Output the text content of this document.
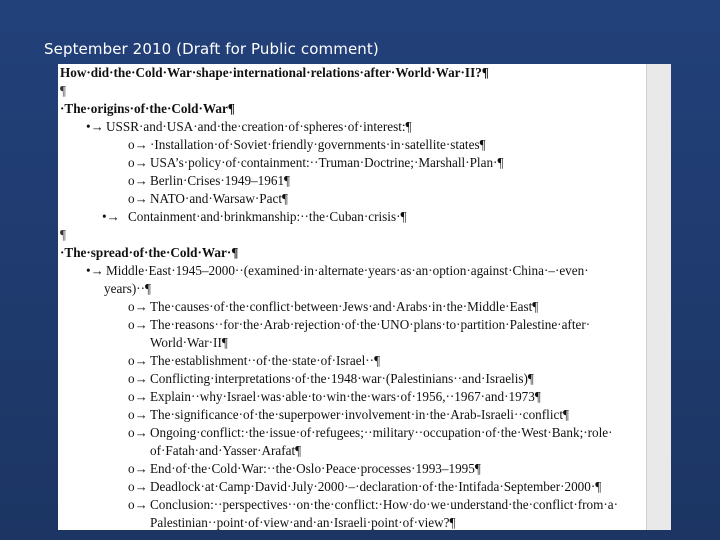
September 2010 (Draft for Public comment)
How·did·the·Cold·War·shape·international·relations·after·World·War·II?¶
¶
·The·origins·of·the·Cold·War¶
•→ USSR·and·USA·and·the·creation·of·spheres·of·interest:¶
o→ ·Installation·of·Soviet·friendly·governments·in·satellite·states¶
o→ USA’s·policy·of·containment:··Truman·Doctrine;·Marshall·Plan·¶
o→ Berlin·Crises·1949–1961¶
o→ NATO·and·Warsaw·Pact¶
•→ Containment·and·brinkmanship:··the·Cuban·crisis·¶
¶
·The·spread·of·the·Cold·War·¶
•→ Middle·East·1945–2000··(examined·in·alternate·years·as·an·option·against·China·–·even·
years)··¶
o→ The·causes·of·the·conflict·between·Jews·and·Arabs·in·the·Middle·East¶
o→ The·reasons··for·the·Arab·rejection·of·the·UNO·plans·to·partition·Palestine·after·
World·War·II¶
o→ The·establishment··of·the·state·of·Israel··¶
o→ Conflicting·interpretations·of·the·1948·war·(Palestinians··and·Israelis)¶
o→ Explain··why·Israel·was·able·to·win·the·wars·of·1956,··1967·and·1973¶
o→ The·significance·of·the·superpower·involvement·in·the·Arab-Israeli··conflict¶
o→ Ongoing·conflict:·the·issue·of·refugees;··military··occupation·of·the·West·Bank;·role·
of·Fatah·and·Yasser·Arafat¶
o→ End·of·the·Cold·War:··the·Oslo·Peace·processes·1993–1995¶
o→ Deadlock·at·Camp·David·July·2000·–·declaration·of·the·Intifada·September·2000·¶
o→ Conclusion:··perspectives··on·the·conflict:·How·do·we·understand·the·conflict·from·a·
Palestinian··point·of·view·and·an·Israeli·point·of·view?¶
